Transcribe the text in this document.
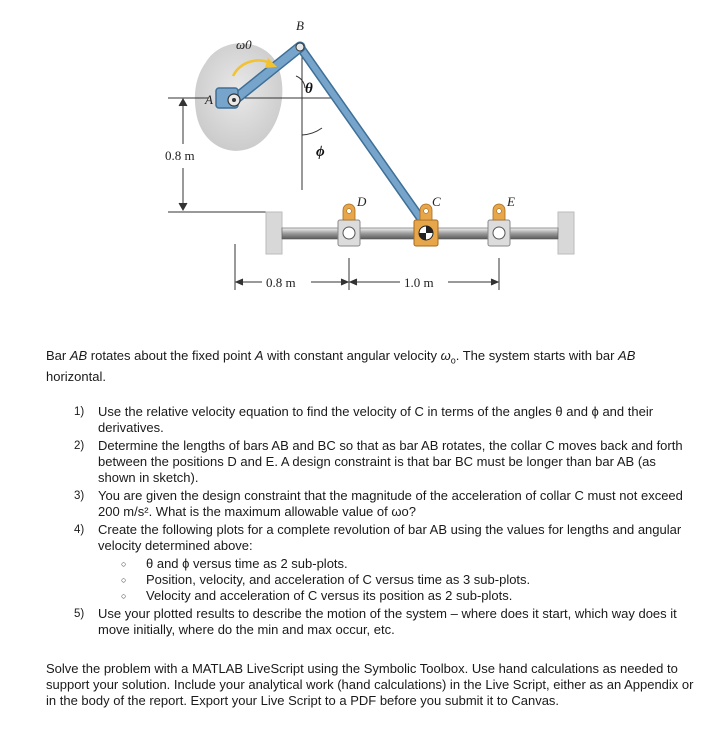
0.8 m
θ
ϕ
B
A
ω0
D	C	E
0.8 m	1.0 m
Bar AB rotates about the fixed point A with constant angular velocity $\omega_o$. The system starts with bar AB horizontal.
1) Use the relative velocity equation to find the velocity of C in terms of the angles θ and ϕ and their derivatives.
2) Determine the lengths of bars AB and BC so that as bar AB rotates, the collar C moves back and forth between the positions D and E. A design constraint is that bar BC must be longer than bar AB (as shown in sketch).
3) You are given the design constraint that the magnitude of the acceleration of collar C must not exceed 200 m/s². What is the maximum allowable value of ωo?
4) Create the following plots for a complete revolution of bar AB using the values for lengths and angular velocity determined above:
○ θ and ϕ versus time as 2 sub-plots.
○ Position, velocity, and acceleration of C versus time as 3 sub-plots.
○ Velocity and acceleration of C versus its position as 2 sub-plots.
5) Use your plotted results to describe the motion of the system – where does it start, which way does it move initially, where do the min and max occur, etc.
Solve the problem with a MATLAB LiveScript using the Symbolic Toolbox. Use hand calculations as needed to support your solution. Include your analytical work (hand calculations) in the Live Script, either as an Appendix or in the body of the report. Export your Live Script to a PDF before you submit it to Canvas.
